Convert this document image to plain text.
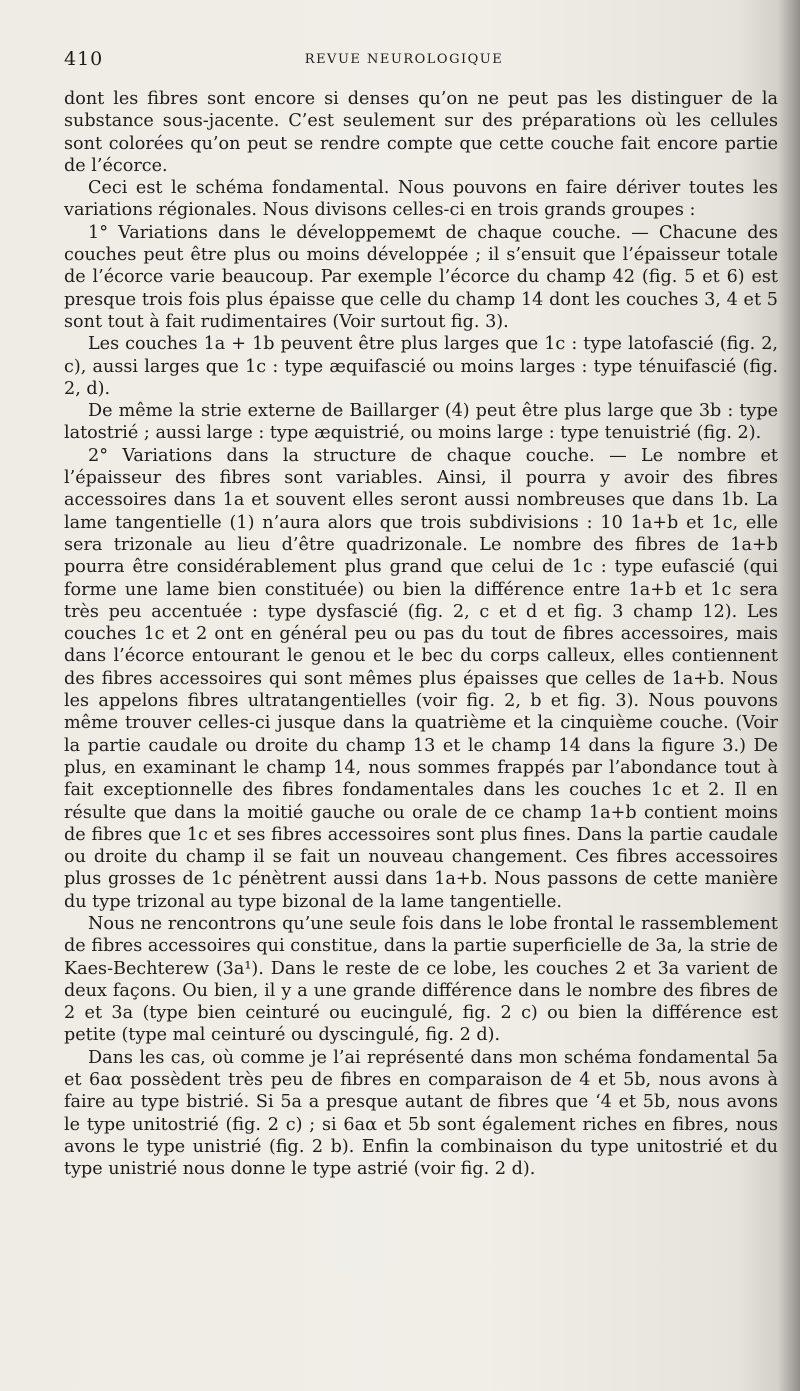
410	REVUE NEUROLOGIQUE

dont les fibres sont encore si denses qu’on ne peut pas les distinguer de la substance sous-jacente. C’est seulement sur des préparations où les cellules sont colorées qu’on peut se rendre compte que cette couche fait encore partie de l’écorce.

Ceci est le schéma fondamental. Nous pouvons en faire dériver toutes les variations régionales. Nous divisons celles-ci en trois grands groupes :

1° Variations dans le développemeмt de chaque couche. — Chacune des couches peut être plus ou moins développée ; il s’ensuit que l’épaisseur totale de l’écorce varie beaucoup. Par exemple l’écorce du champ 42 (fig. 5 et 6) est presque trois fois plus épaisse que celle du champ 14 dont les couches 3, 4 et 5 sont tout à fait rudimentaires (Voir surtout fig. 3).

Les couches 1a + 1b peuvent être plus larges que 1c : type latofascié (fig. 2, c), aussi larges que 1c : type æquifascié ou moins larges : type ténuifascié (fig. 2, d).

De même la strie externe de Baillarger (4) peut être plus large que 3b : type latostrié ; aussi large : type æquistrié, ou moins large : type tenuistrié (fig. 2).

2° Variations dans la structure de chaque couche. — Le nombre et l’épaisseur des fibres sont variables. Ainsi, il pourra y avoir des fibres accessoires dans 1a et souvent elles seront aussi nombreuses que dans 1b. La lame tangentielle (1) n’aura alors que trois subdivisions : 10 1a+b et 1c, elle sera trizonale au lieu d’être quadrizonale. Le nombre des fibres de 1a+b pourra être considérablement plus grand que celui de 1c : type eufascié (qui forme une lame bien constituée) ou bien la différence entre 1a+b et 1c sera très peu accentuée : type dysfascié (fig. 2, c et d et fig. 3 champ 12). Les couches 1c et 2 ont en général peu ou pas du tout de fibres accessoires, mais dans l’écorce entourant le genou et le bec du corps calleux, elles contiennent des fibres accessoires qui sont mêmes plus épaisses que celles de 1a+b. Nous les appelons fibres ultratangentielles (voir fig. 2, b et fig. 3). Nous pouvons même trouver celles-ci jusque dans la quatrième et la cinquième couche. (Voir la partie caudale ou droite du champ 13 et le champ 14 dans la figure 3.) De plus, en examinant le champ 14, nous sommes frappés par l’abondance tout à fait exceptionnelle des fibres fondamentales dans les couches 1c et 2. Il en résulte que dans la moitié gauche ou orale de ce champ 1a+b contient moins de fibres que 1c et ses fibres accessoires sont plus fines. Dans la partie caudale ou droite du champ il se fait un nouveau changement. Ces fibres accessoires plus grosses de 1c pénètrent aussi dans 1a+b. Nous passons de cette manière du type trizonal au type bizonal de la lame tangentielle.

Nous ne rencontrons qu’une seule fois dans le lobe frontal le rassemblement de fibres accessoires qui constitue, dans la partie superficielle de 3a, la strie de Kaes-Bechterew (3a¹). Dans le reste de ce lobe, les couches 2 et 3a varient de deux façons. Ou bien, il y a une grande différence dans le nombre des fibres de 2 et 3a (type bien ceinturé ou eucingulé, fig. 2 c) ou bien la différence est petite (type mal ceinturé ou dyscingulé, fig. 2 d).

Dans les cas, où comme je l’ai représenté dans mon schéma fondamental 5a et 6aα possèdent très peu de fibres en comparaison de 4 et 5b, nous avons à faire au type bistrié. Si 5a a presque autant de fibres que ‘4 et 5b, nous avons le type unitostrié (fig. 2 c) ; si 6aα et 5b sont également riches en fibres, nous avons le type unistrié (fig. 2 b). Enfin la combinaison du type unitostrié et du type unistrié nous donne le type astrié (voir fig. 2 d).
